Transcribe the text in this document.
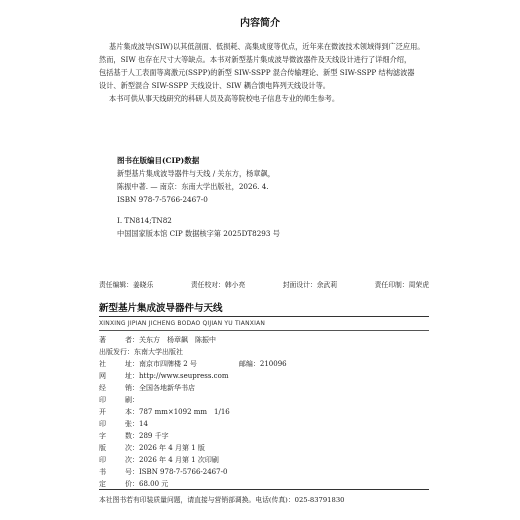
内容简介
基片集成波导(SIW)以其低剖面、低损耗、高集成度等优点，近年来在微波技术领域得到广泛应用。
然而，SIW 也存在尺寸大等缺点。本书对新型基片集成波导微波器件及天线设计进行了详细介绍，
包括基于人工表面等离激元(SSPP)的新型 SIW-SSPP 混合传输理论、新型 SIW-SSPP 结构滤波器
设计、新型混合 SIW-SSPP 天线设计、SIW 耦合馈电阵列天线设计等。
本书可供从事天线研究的科研人员及高等院校电子信息专业的师生参考。
图书在版编目(CIP)数据
新型基片集成波导器件与天线 / 关东方，杨章飙，
陈振中著. — 南京：东南大学出版社，2026. 4.
ISBN 978-7-5766-2467-0
Ⅰ. TN814;TN82
中国国家版本馆 CIP 数据核字第 2025DT8293 号
责任编辑：姜晓乐	责任校对：韩小亮	封面设计：余武莉	责任印制：周荣虎
新型基片集成波导器件与天线
XINXING JIPIAN JICHENG BODAO QIJIAN YU TIANXIAN
著 者：关东方　杨章飙　陈振中
出版发行：东南大学出版社
社 址：南京市四牌楼 2 号　　　　　　邮编：210096
网 址：http://www.seupress.com
经 销：全国各地新华书店
印 刷：
开 本：787 mm×1092 mm　1/16
印 张：14
字 数：289 千字
版 次：2026 年 4 月第 1 版
印 次：2026 年 4 月第 1 次印刷
书 号：ISBN 978-7-5766-2467-0
定 价：68.00 元
本社图书若有印装质量问题，请直接与营销部调换。电话(传真)：025-83791830
